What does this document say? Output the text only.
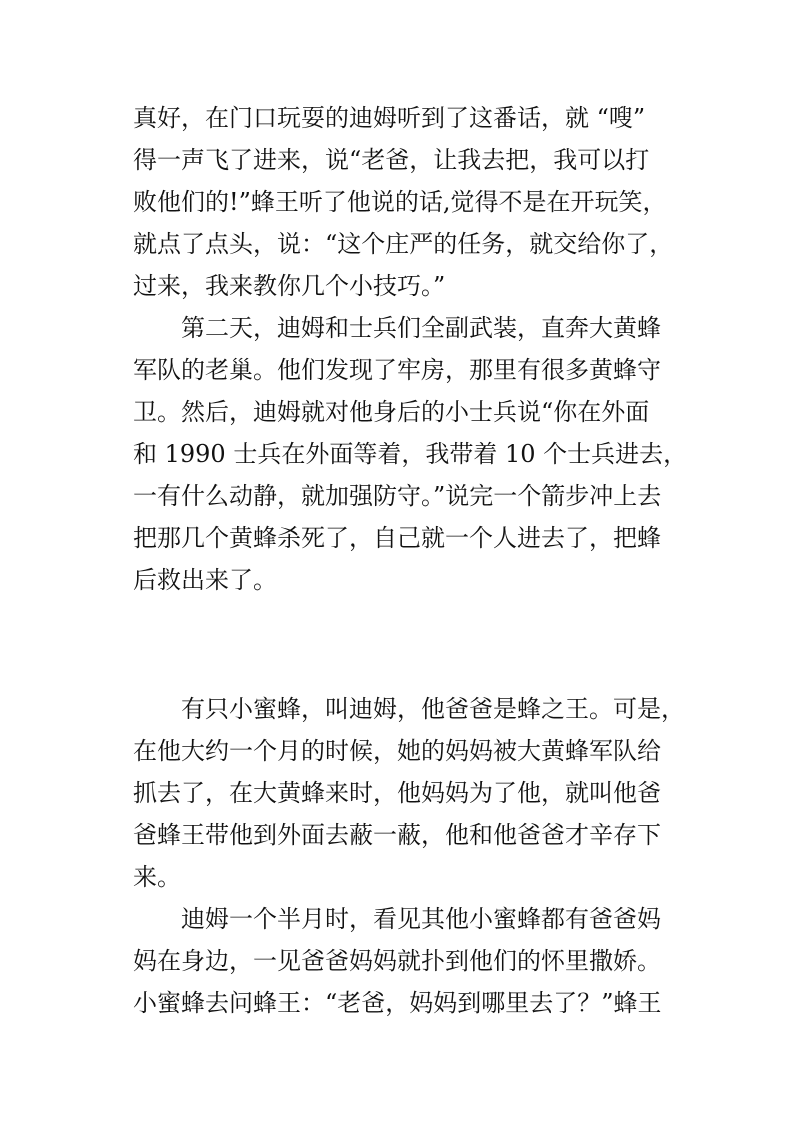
真好，在门口玩耍的迪姆听到了这番话，就 “嗖”
得一声飞了进来，说“老爸，让我去把，我可以打
败他们的!”蜂王听了他说的话,觉得不是在开玩笑，
就点了点头，说：“这个庄严的任务，就交给你了，
过来，我来教你几个小技巧。”
第二天，迪姆和士兵们全副武装，直奔大黄蜂
军队的老巢。他们发现了牢房，那里有很多黄蜂守
卫。然后，迪姆就对他身后的小士兵说“你在外面
和 1990 士兵在外面等着，我带着 10 个士兵进去，
一有什么动静，就加强防守。”说完一个箭步冲上去
把那几个黄蜂杀死了，自己就一个人进去了，把蜂
后救出来了。
有只小蜜蜂，叫迪姆，他爸爸是蜂之王。可是，
在他大约一个月的时候，她的妈妈被大黄蜂军队给
抓去了，在大黄蜂来时，他妈妈为了他，就叫他爸
爸蜂王带他到外面去蔽一蔽，他和他爸爸才辛存下
来。
迪姆一个半月时，看见其他小蜜蜂都有爸爸妈
妈在身边，一见爸爸妈妈就扑到他们的怀里撒娇。
小蜜蜂去问蜂王：“老爸，妈妈到哪里去了？”蜂王
